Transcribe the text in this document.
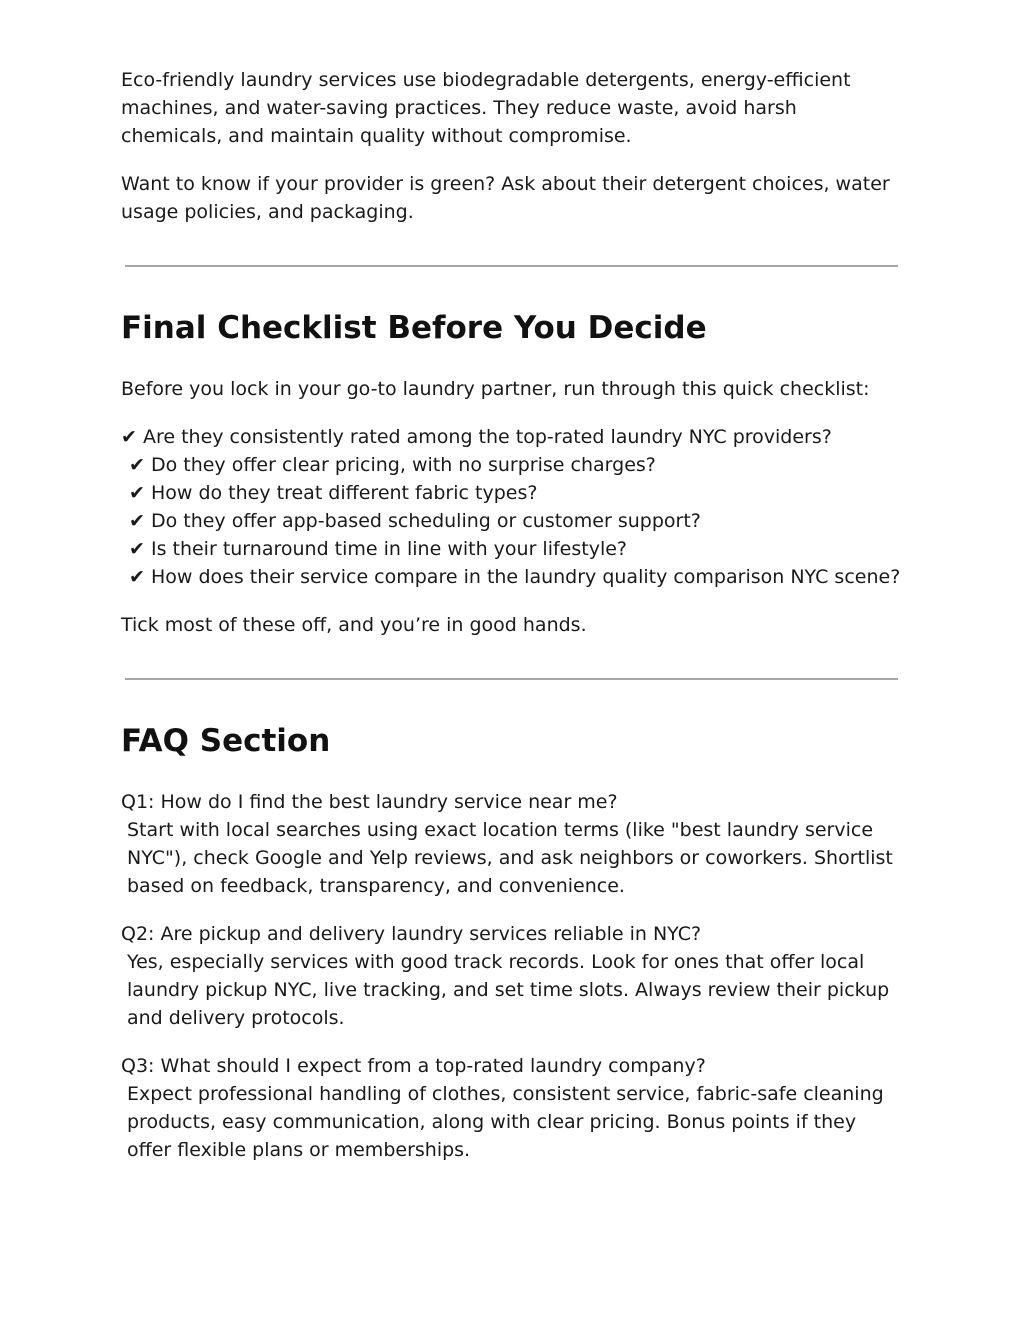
Eco-friendly laundry services use biodegradable detergents, energy-efficient machines, and water-saving practices. They reduce waste, avoid harsh chemicals, and maintain quality without compromise.

Want to know if your provider is green? Ask about their detergent choices, water usage policies, and packaging.

Final Checklist Before You Decide

Before you lock in your go-to laundry partner, run through this quick checklist:

✔ Are they consistently rated among the top-rated laundry NYC providers?
✔ Do they offer clear pricing, with no surprise charges?
✔ How do they treat different fabric types?
✔ Do they offer app-based scheduling or customer support?
✔ Is their turnaround time in line with your lifestyle?
✔ How does their service compare in the laundry quality comparison NYC scene?

Tick most of these off, and you’re in good hands.

FAQ Section

Q1: How do I find the best laundry service near me?

Start with local searches using exact location terms (like "best laundry service NYC"), check Google and Yelp reviews, and ask neighbors or coworkers. Shortlist based on feedback, transparency, and convenience.

Q2: Are pickup and delivery laundry services reliable in NYC?

Yes, especially services with good track records. Look for ones that offer local laundry pickup NYC, live tracking, and set time slots. Always review their pickup and delivery protocols.

Q3: What should I expect from a top-rated laundry company?

Expect professional handling of clothes, consistent service, fabric-safe cleaning products, easy communication, along with clear pricing. Bonus points if they offer flexible plans or memberships.
